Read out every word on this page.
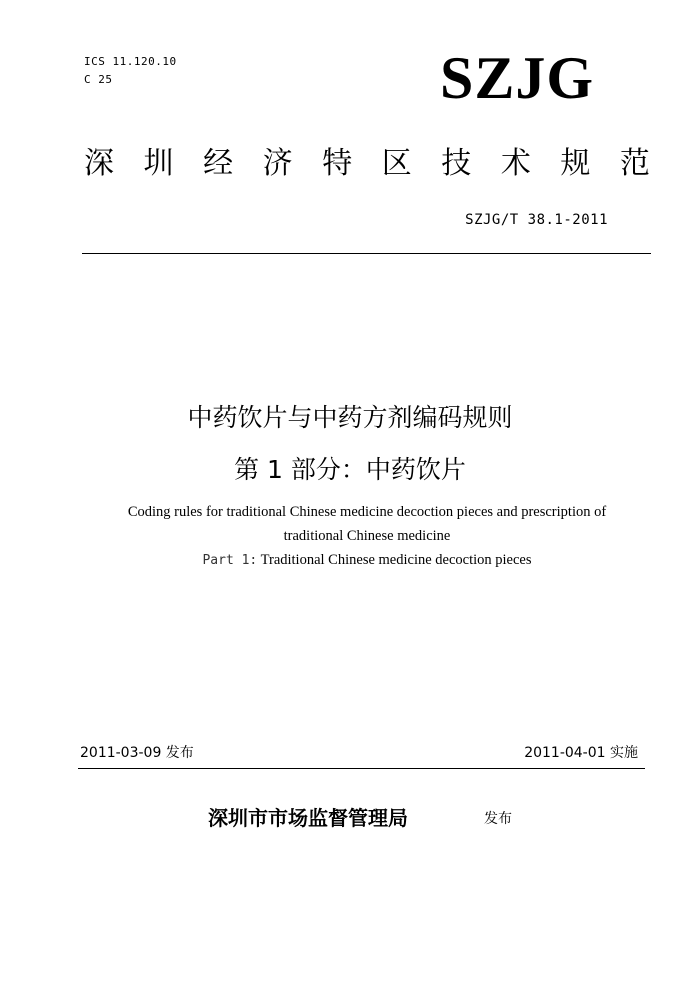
ICS 11.120.10
C 25	SZJG
深 圳 经 济 特 区 技 术 规 范
SZJG/T 38.1-2011
中药饮片与中药方剂编码规则
第 1 部分：中药饮片
Coding rules for traditional Chinese medicine decoction pieces and prescription of
traditional Chinese medicine
Part 1: Traditional Chinese medicine decoction pieces
2011-03-09 发布	2011-04-01 实施
深圳市市场监督管理局	发布
